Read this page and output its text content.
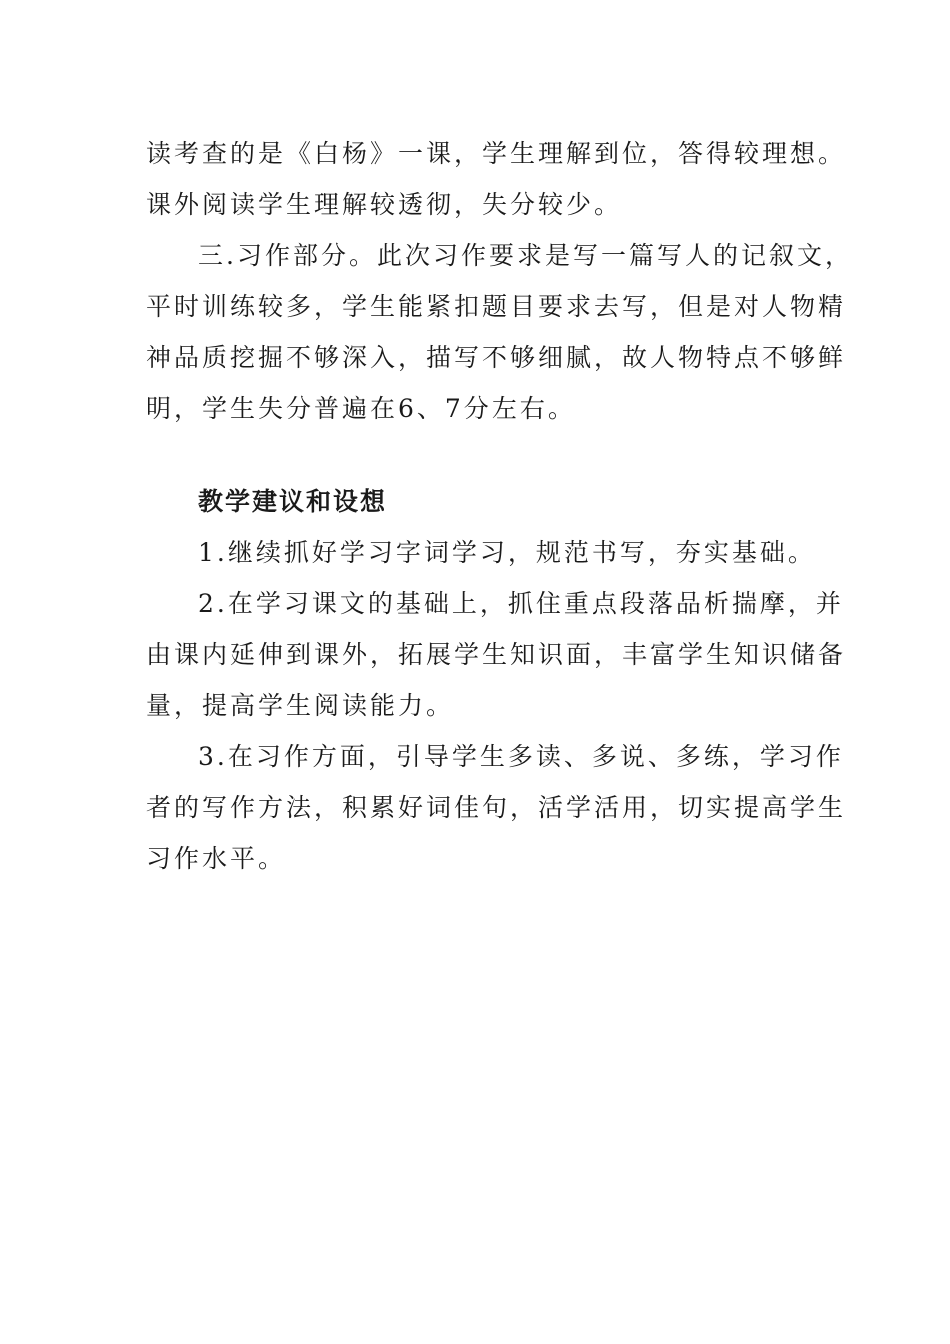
读考查的是《白杨》一课，学生理解到位，答得较理想。
课外阅读学生理解较透彻，失分较少。
三.习作部分。此次习作要求是写一篇写人的记叙文，
平时训练较多，学生能紧扣题目要求去写，但是对人物精
神品质挖掘不够深入，描写不够细腻，故人物特点不够鲜
明，学生失分普遍在6、7分左右。
教学建议和设想
1.继续抓好学习字词学习，规范书写，夯实基础。
2.在学习课文的基础上，抓住重点段落品析揣摩，并
由课内延伸到课外，拓展学生知识面，丰富学生知识储备
量，提高学生阅读能力。
3.在习作方面，引导学生多读、多说、多练，学习作
者的写作方法，积累好词佳句，活学活用，切实提高学生
习作水平。
